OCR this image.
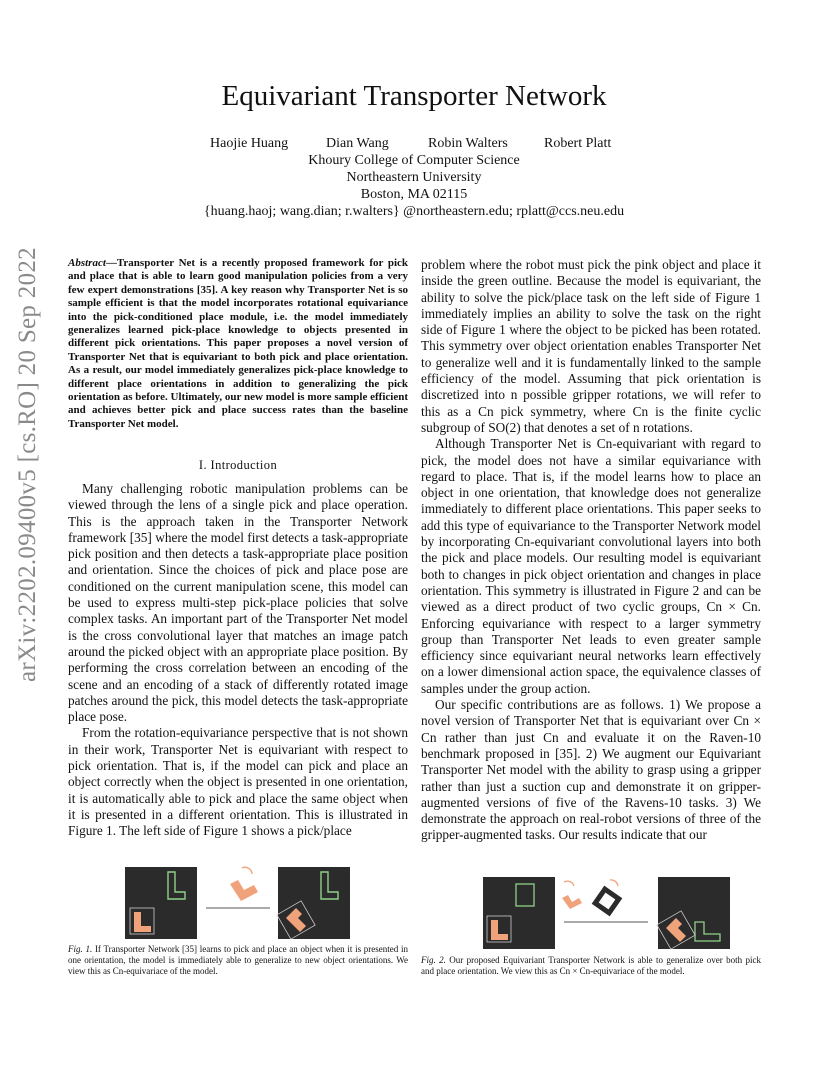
arXiv:2202.09400v5 [cs.RO] 20 Sep 2022
Equivariant Transporter Network
Haojie Huang	Dian Wang	Robin Walters	Robert Platt
Khoury College of Computer Science
Northeastern University
Boston, MA 02115
{huang.haoj; wang.dian; r.walters} @northeastern.edu; rplatt@ccs.neu.edu
Abstract—Transporter Net is a recently proposed framework for pick and place that is able to learn good manipulation policies from a very few expert demonstrations [35]. A key reason why Transporter Net is so sample efficient is that the model incorporates rotational equivariance into the pick-conditioned place module, i.e. the model immediately generalizes learned pick-place knowledge to objects presented in different pick orientations. This paper proposes a novel version of Transporter Net that is equivariant to both pick and place orientation. As a result, our model immediately generalizes pick-place knowledge to different place orientations in addition to generalizing the pick orientation as before. Ultimately, our new model is more sample efficient and achieves better pick and place success rates than the baseline Transporter Net model.
I. Introduction

Many challenging robotic manipulation problems can be viewed through the lens of a single pick and place operation. This is the approach taken in the Transporter Network framework [35] where the model first detects a task-appropriate pick position and then detects a task-appropriate place position and orientation. Since the choices of pick and place pose are conditioned on the current manipulation scene, this model can be used to express multi-step pick-place policies that solve complex tasks. An important part of the Transporter Net model is the cross convolutional layer that matches an image patch around the picked object with an appropriate place position. By performing the cross correlation between an encoding of the scene and an encoding of a stack of differently rotated image patches around the pick, this model detects the task-appropriate place pose.

From the rotation-equivariance perspective that is not shown in their work, Transporter Net is equivariant with respect to pick orientation. That is, if the model can pick and place an object correctly when the object is presented in one orientation, it is automatically able to pick and place the same object when it is presented in a different orientation. This is illustrated in Figure 1. The left side of Figure 1 shows a pick/place

problem where the robot must pick the pink object and place it inside the green outline. Because the model is equivariant, the ability to solve the pick/place task on the left side of Figure 1 immediately implies an ability to solve the task on the right side of Figure 1 where the object to be picked has been rotated. This symmetry over object orientation enables Transporter Net to generalize well and it is fundamentally linked to the sample efficiency of the model. Assuming that pick orientation is discretized into n possible gripper rotations, we will refer to this as a Cn pick symmetry, where Cn is the finite cyclic subgroup of SO(2) that denotes a set of n rotations.

Although Transporter Net is Cn-equivariant with regard to pick, the model does not have a similar equivariance with regard to place. That is, if the model learns how to place an object in one orientation, that knowledge does not generalize immediately to different place orientations. This paper seeks to add this type of equivariance to the Transporter Network model by incorporating Cn-equivariant convolutional layers into both the pick and place models. Our resulting model is equivariant both to changes in pick object orientation and changes in place orientation. This symmetry is illustrated in Figure 2 and can be viewed as a direct product of two cyclic groups, Cn × Cn. Enforcing equivariance with respect to a larger symmetry group than Transporter Net leads to even greater sample efficiency since equivariant neural networks learn effectively on a lower dimensional action space, the equivalence classes of samples under the group action.

Our specific contributions are as follows. 1) We propose a novel version of Transporter Net that is equivariant over Cn × Cn rather than just Cn and evaluate it on the Raven-10 benchmark proposed in [35]. 2) We augment our Equivariant Transporter Net model with the ability to grasp using a gripper rather than just a suction cup and demonstrate it on gripper-augmented versions of five of the Ravens-10 tasks. 3) We demonstrate the approach on real-robot versions of three of the gripper-augmented tasks. Our results indicate that our

Fig. 1. If Transporter Network [35] learns to pick and place an object when it is presented in one orientation, the model is immediately able to generalize to new object orientations. We view this as Cn-equivariace of the model.
Fig. 2. Our proposed Equivariant Transporter Network is able to generalize over both pick and place orientation. We view this as Cn × Cn-equivariace of the model.
